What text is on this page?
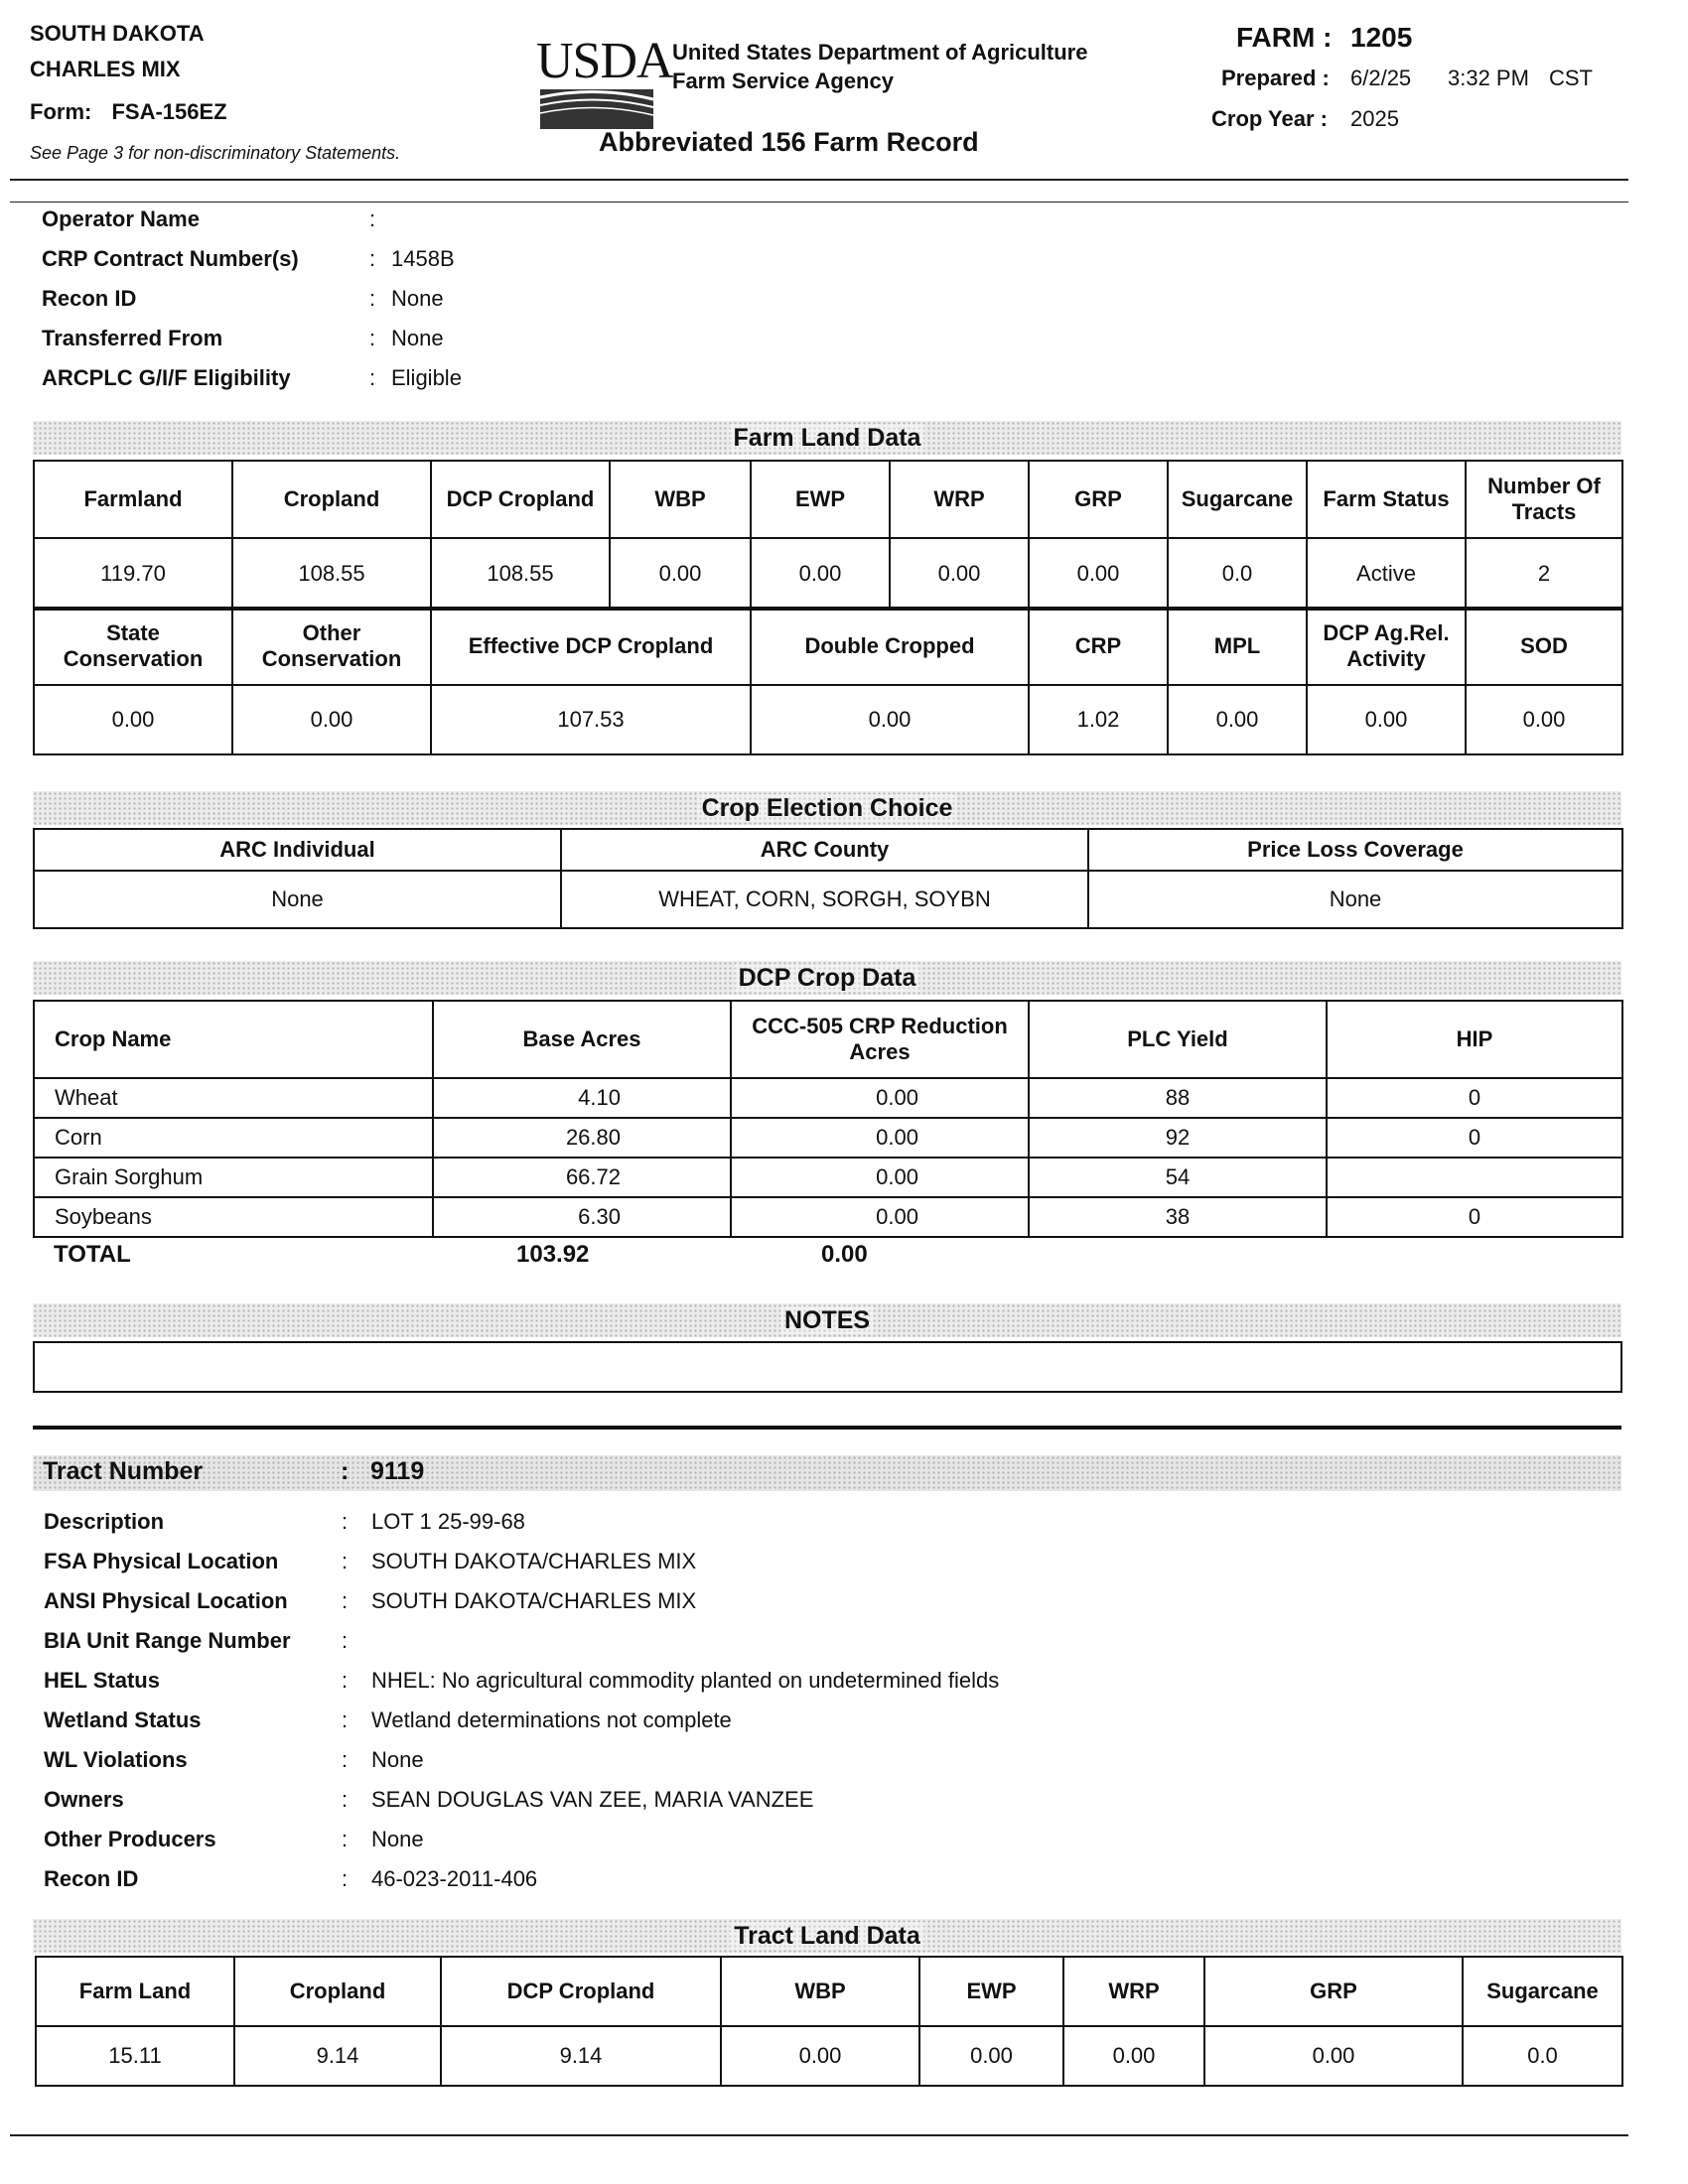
SOUTH DAKOTA
CHARLES MIX
Form: FSA-156EZ
See Page 3 for non-discriminatory Statements.
USDA United States Department of Agriculture
Farm Service Agency
Abbreviated 156 Farm Record
FARM : 1205
Prepared : 6/2/25 3:32 PM CST
Crop Year : 2025
Operator Name	:
CRP Contract Number(s)	: 1458B
Recon ID	: None
Transferred From	: None
ARCPLC G/I/F Eligibility	: Eligible
Farm Land Data
Farmland	Cropland	DCP Cropland	WBP	EWP	WRP	GRP	Sugarcane	Farm Status	Number Of Tracts
119.70	108.55	108.55	0.00	0.00	0.00	0.00	0.0	Active	2
State Conservation	Other Conservation	Effective DCP Cropland	Double Cropped	CRP	MPL	DCP Ag.Rel. Activity	SOD
0.00	0.00	107.53	0.00	1.02	0.00	0.00	0.00
Crop Election Choice
ARC Individual	ARC County	Price Loss Coverage
None	WHEAT, CORN, SORGH, SOYBN	None
DCP Crop Data
Crop Name	Base Acres	CCC-505 CRP Reduction Acres	PLC Yield	HIP
Wheat	4.10	0.00	88	0
Corn	26.80	0.00	92	0
Grain Sorghum	66.72	0.00	54	
Soybeans	6.30	0.00	38	0
TOTAL	103.92	0.00
NOTES
Tract Number	: 9119
Description	: LOT 1 25-99-68
FSA Physical Location	: SOUTH DAKOTA/CHARLES MIX
ANSI Physical Location : SOUTH DAKOTA/CHARLES MIX
BIA Unit Range Number :
HEL Status	: NHEL: No agricultural commodity planted on undetermined fields
Wetland Status	: Wetland determinations not complete
WL Violations	: None
Owners	: SEAN DOUGLAS VAN ZEE, MARIA VANZEE
Other Producers	: None
Recon ID	: 46-023-2011-406
Tract Land Data
Farm Land	Cropland	DCP Cropland	WBP	EWP	WRP	GRP	Sugarcane
15.11	9.14	9.14	0.00	0.00	0.00	0.00	0.0
